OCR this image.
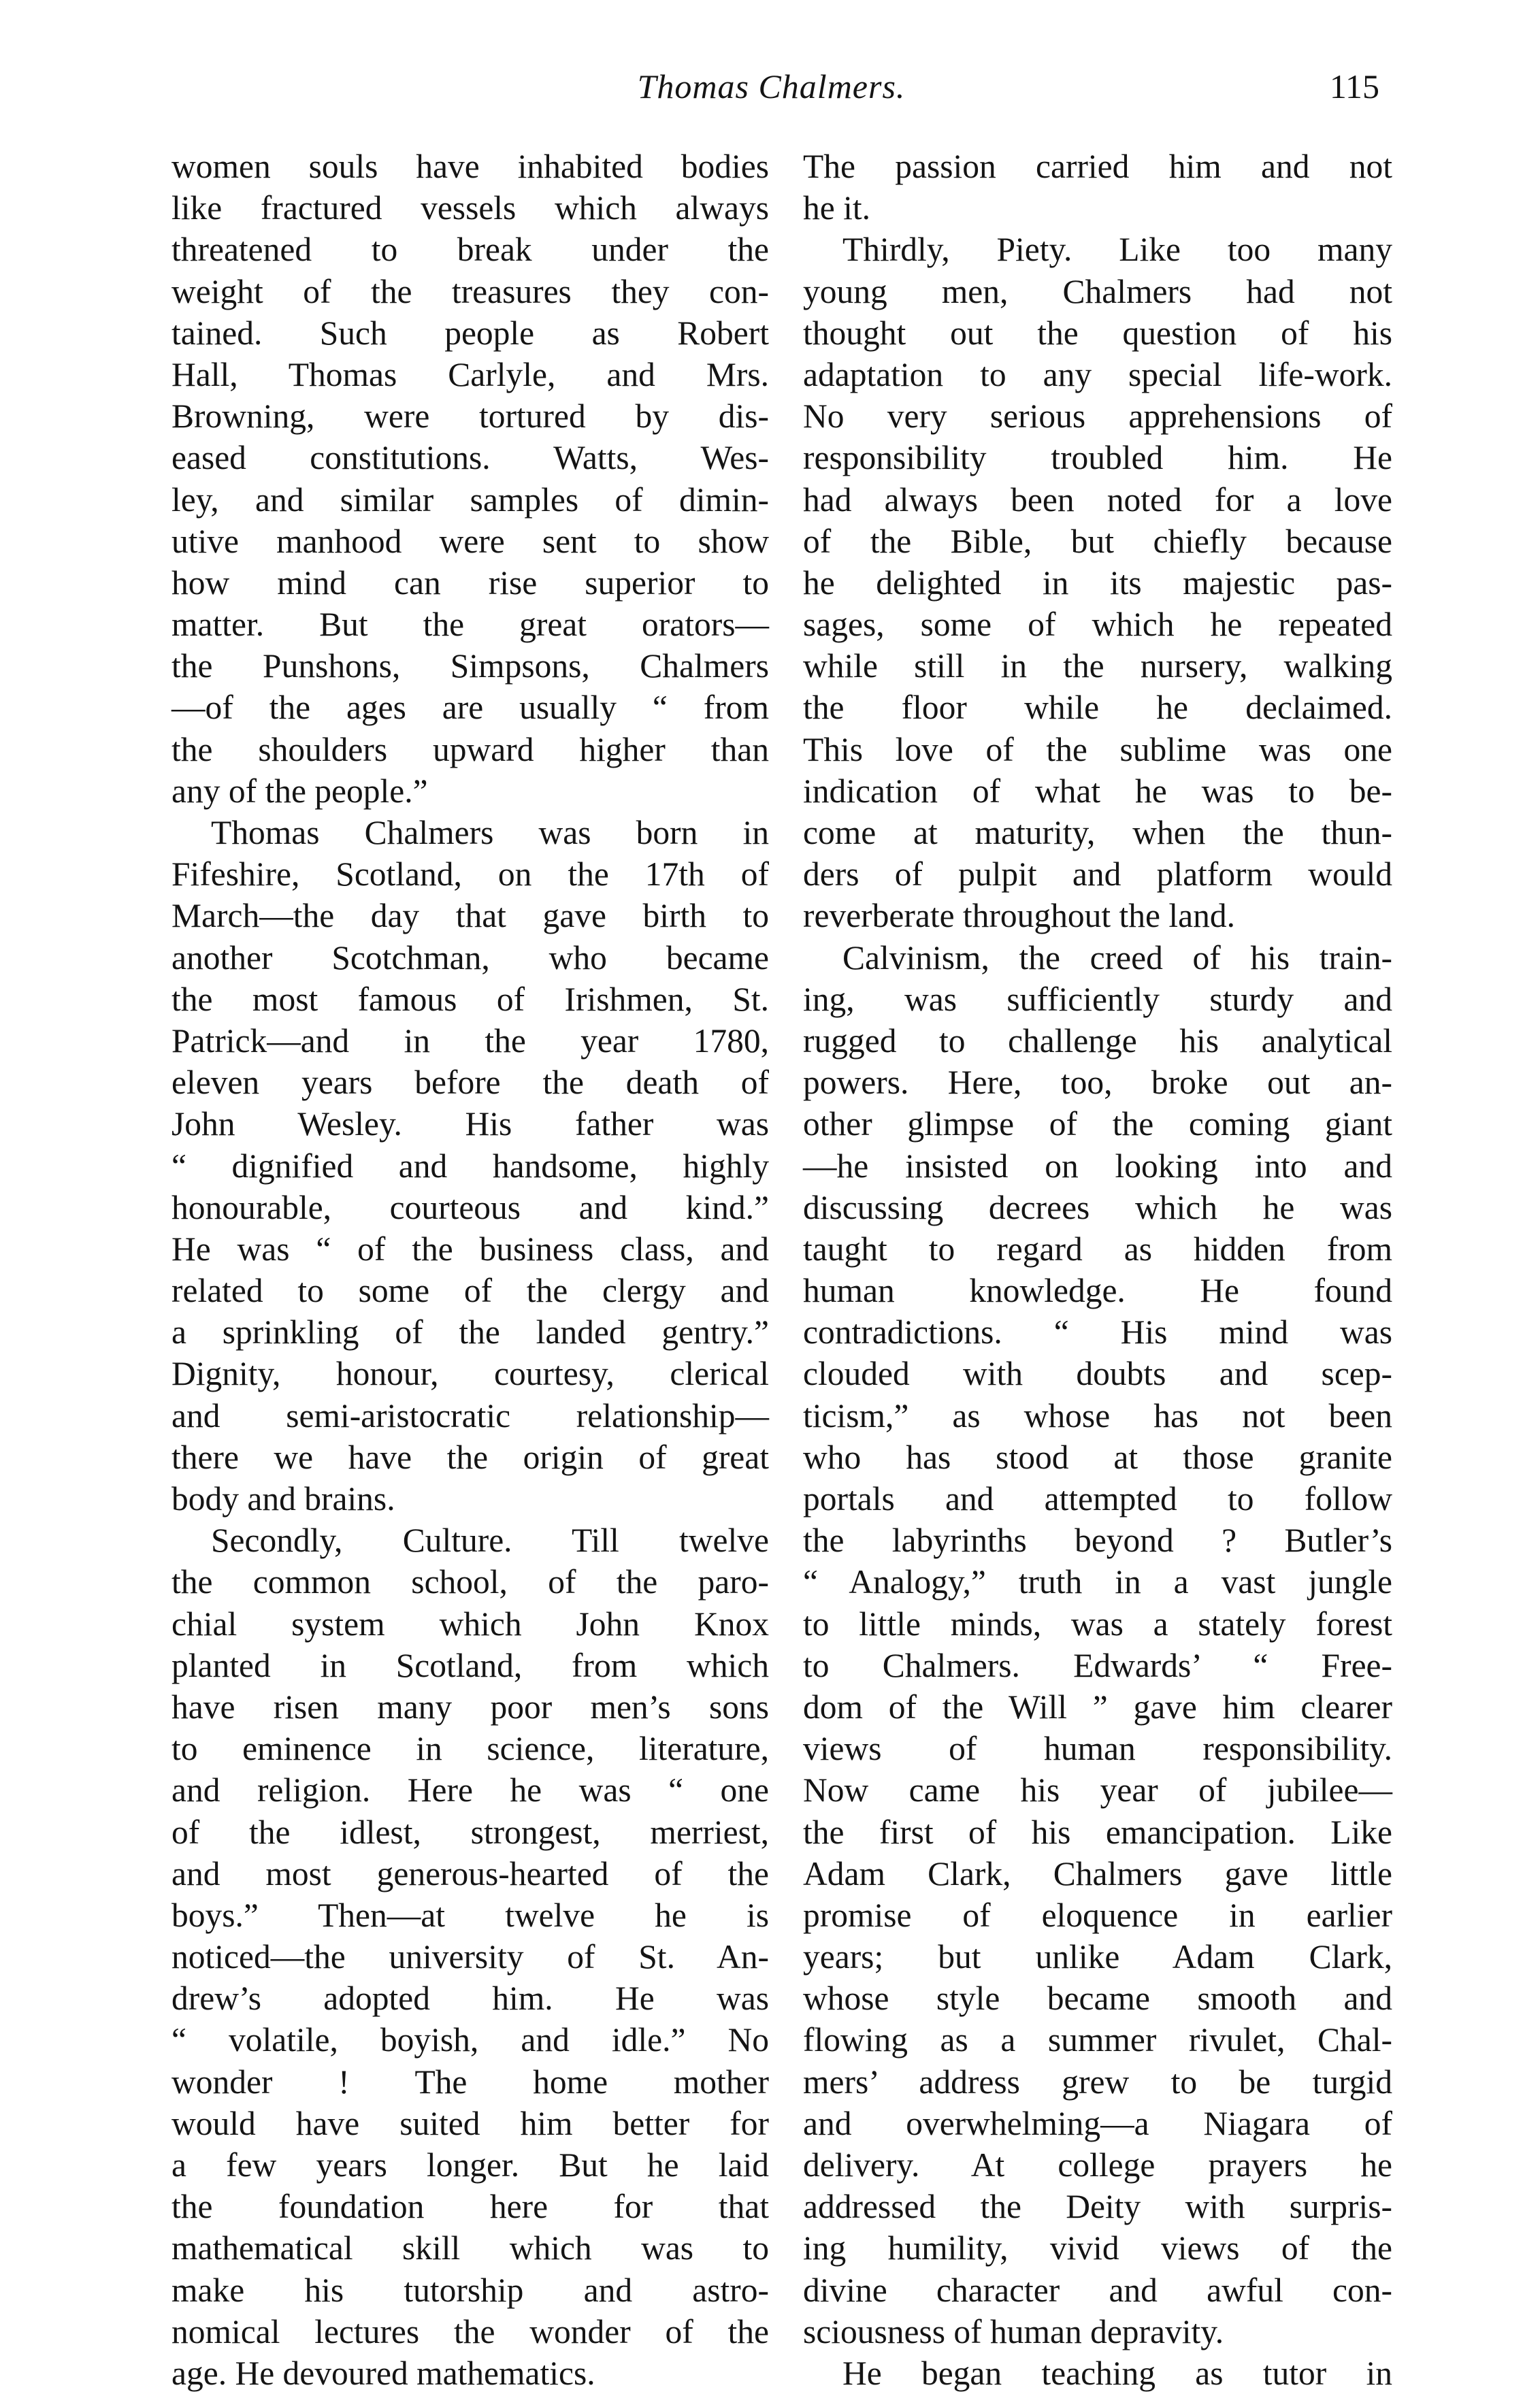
Thomas Chalmers.	115
women souls have inhabited bodies
like fractured vessels which always
threatened to break under the
weight of the treasures they con-
tained. Such people as Robert
Hall, Thomas Carlyle, and Mrs.
Browning, were tortured by dis-
eased constitutions. Watts, Wes-
ley, and similar samples of dimin-
utive manhood were sent to show
how mind can rise superior to
matter. But the great orators—
the Punshons, Simpsons, Chalmers
—of the ages are usually “ from
the shoulders upward higher than
any of the people.”
Thomas Chalmers was born in
Fifeshire, Scotland, on the 17th of
March—the day that gave birth to
another Scotchman, who became
the most famous of Irishmen, St.
Patrick—and in the year 1780,
eleven years before the death of
John Wesley. His father was
“ dignified and handsome, highly
honourable, courteous and kind.”
He was “ of the business class, and
related to some of the clergy and
a sprinkling of the landed gentry.”
Dignity, honour, courtesy, clerical
and semi-aristocratic relationship—
there we have the origin of great
body and brains.
Secondly, Culture. Till twelve
the common school, of the paro-
chial system which John Knox
planted in Scotland, from which
have risen many poor men’s sons
to eminence in science, literature,
and religion. Here he was “ one
of the idlest, strongest, merriest,
and most generous-hearted of the
boys.” Then—at twelve he is
noticed—the university of St. An-
drew’s adopted him. He was
“ volatile, boyish, and idle.” No
wonder ! The home mother
would have suited him better for
a few years longer. But he laid
the foundation here for that
mathematical skill which was to
make his tutorship and astro-
nomical lectures the wonder of the
age. He devoured mathematics.
The passion carried him and not
he it.
Thirdly, Piety. Like too many
young men, Chalmers had not
thought out the question of his
adaptation to any special life-work.
No very serious apprehensions of
responsibility troubled him. He
had always been noted for a love
of the Bible, but chiefly because
he delighted in its majestic pas-
sages, some of which he repeated
while still in the nursery, walking
the floor while he declaimed.
This love of the sublime was one
indication of what he was to be-
come at maturity, when the thun-
ders of pulpit and platform would
reverberate throughout the land.
Calvinism, the creed of his train-
ing, was sufficiently sturdy and
rugged to challenge his analytical
powers. Here, too, broke out an-
other glimpse of the coming giant
—he insisted on looking into and
discussing decrees which he was
taught to regard as hidden from
human knowledge. He found
contradictions. “ His mind was
clouded with doubts and scep-
ticism,” as whose has not been
who has stood at those granite
portals and attempted to follow
the labyrinths beyond ? Butler’s
“ Analogy,” truth in a vast jungle
to little minds, was a stately forest
to Chalmers. Edwards’ “ Free-
dom of the Will ” gave him clearer
views of human responsibility.
Now came his year of jubilee—
the first of his emancipation. Like
Adam Clark, Chalmers gave little
promise of eloquence in earlier
years; but unlike Adam Clark,
whose style became smooth and
flowing as a summer rivulet, Chal-
mers’ address grew to be turgid
and overwhelming—a Niagara of
delivery. At college prayers he
addressed the Deity with surpris-
ing humility, vivid views of the
divine character and awful con-
sciousness of human depravity.
He began teaching as tutor in
